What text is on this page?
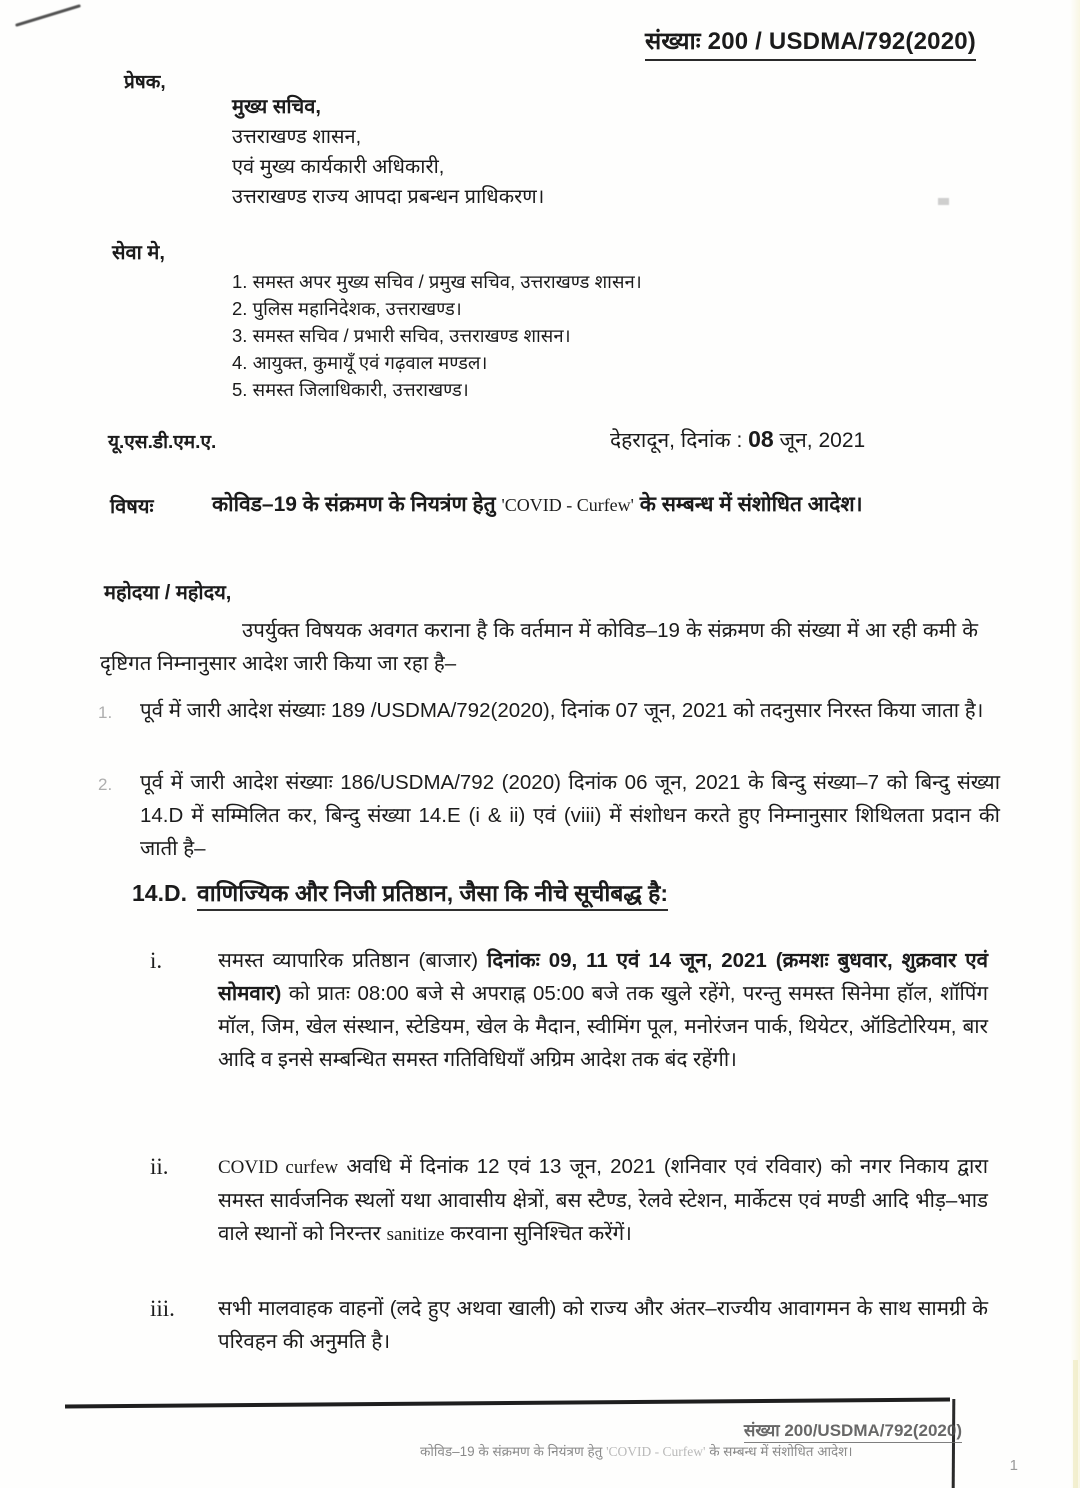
संख्याः 200 / USDMA/792(2020)
प्रेषक,
मुख्य सचिव,
उत्तराखण्ड शासन,
एवं मुख्य कार्यकारी अधिकारी,
उत्तराखण्ड राज्य आपदा प्रबन्धन प्राधिकरण।
सेवा मे,
1. समस्त अपर मुख्य सचिव / प्रमुख सचिव, उत्तराखण्ड शासन।
2. पुलिस महानिदेशक, उत्तराखण्ड।
3. समस्त सचिव / प्रभारी सचिव, उत्तराखण्ड शासन।
4. आयुक्त, कुमायूँ एवं गढ़वाल मण्डल।
5. समस्त जिलाधिकारी, उत्तराखण्ड।
यू.एस.डी.एम.ए.	देहरादून, दिनांक : 08 जून, 2021
विषयः	कोविड–19 के संक्रमण के नियत्रंण हेतु 'COVID - Curfew' के सम्बन्ध में संशोधित आदेश।
महोदया / महोदय,
उपर्युक्त विषयक अवगत कराना है कि वर्तमान में कोविड–19 के संक्रमण की संख्या में आ रही कमी के दृष्टिगत निम्नानुसार आदेश जारी किया जा रहा है–
1. पूर्व में जारी आदेश संख्याः 189 /USDMA/792(2020), दिनांक 07 जून, 2021 को तदनुसार निरस्त किया जाता है।
2. पूर्व में जारी आदेश संख्याः 186/USDMA/792 (2020) दिनांक 06 जून, 2021 के बिन्दु संख्या–7 को बिन्दु संख्या 14.D में सम्मिलित कर, बिन्दु संख्या 14.E (i & ii) एवं (viii) में संशोधन करते हुए निम्नानुसार शिथिलता प्रदान की जाती है–
14.D. वाणिज्यिक और निजी प्रतिष्ठान, जैसा कि नीचे सूचीबद्ध है:
i.	समस्त व्यापारिक प्रतिष्ठान (बाजार) दिनांकः 09, 11 एवं 14 जून, 2021 (क्रमशः बुधवार, शुक्रवार एवं सोमवार) को प्रातः 08:00 बजे से अपराह्न 05:00 बजे तक खुले रहेंगे, परन्तु समस्त सिनेमा हॉल, शॉपिंग मॉल, जिम, खेल संस्थान, स्टेडियम, खेल के मैदान, स्वीमिंग पूल, मनोरंजन पार्क, थियेटर, ऑडिटोरियम, बार आदि व इनसे सम्बन्धित समस्त गतिविधियाँ अग्रिम आदेश तक बंद रहेंगी।
ii.	COVID curfew अवधि में दिनांक 12 एवं 13 जून, 2021 (शनिवार एवं रविवार) को नगर निकाय द्वारा समस्त सार्वजनिक स्थलों यथा आवासीय क्षेत्रों, बस स्टैण्ड, रेलवे स्टेशन, मार्केटस एवं मण्डी आदि भीड़–भाड वाले स्थानों को निरन्तर sanitize करवाना सुनिश्चित करेंगें।
iii. सभी मालवाहक वाहनों (लदे हुए अथवा खाली) को राज्य और अंतर–राज्यीय आवागमन के साथ सामग्री के परिवहन की अनुमति है।
संख्या 200/USDMA/792(2020)
कोविड–19 के संक्रमण के नियंत्रण हेतु 'COVID - Curfew' के सम्बन्ध में संशोधित आदेश।
1
